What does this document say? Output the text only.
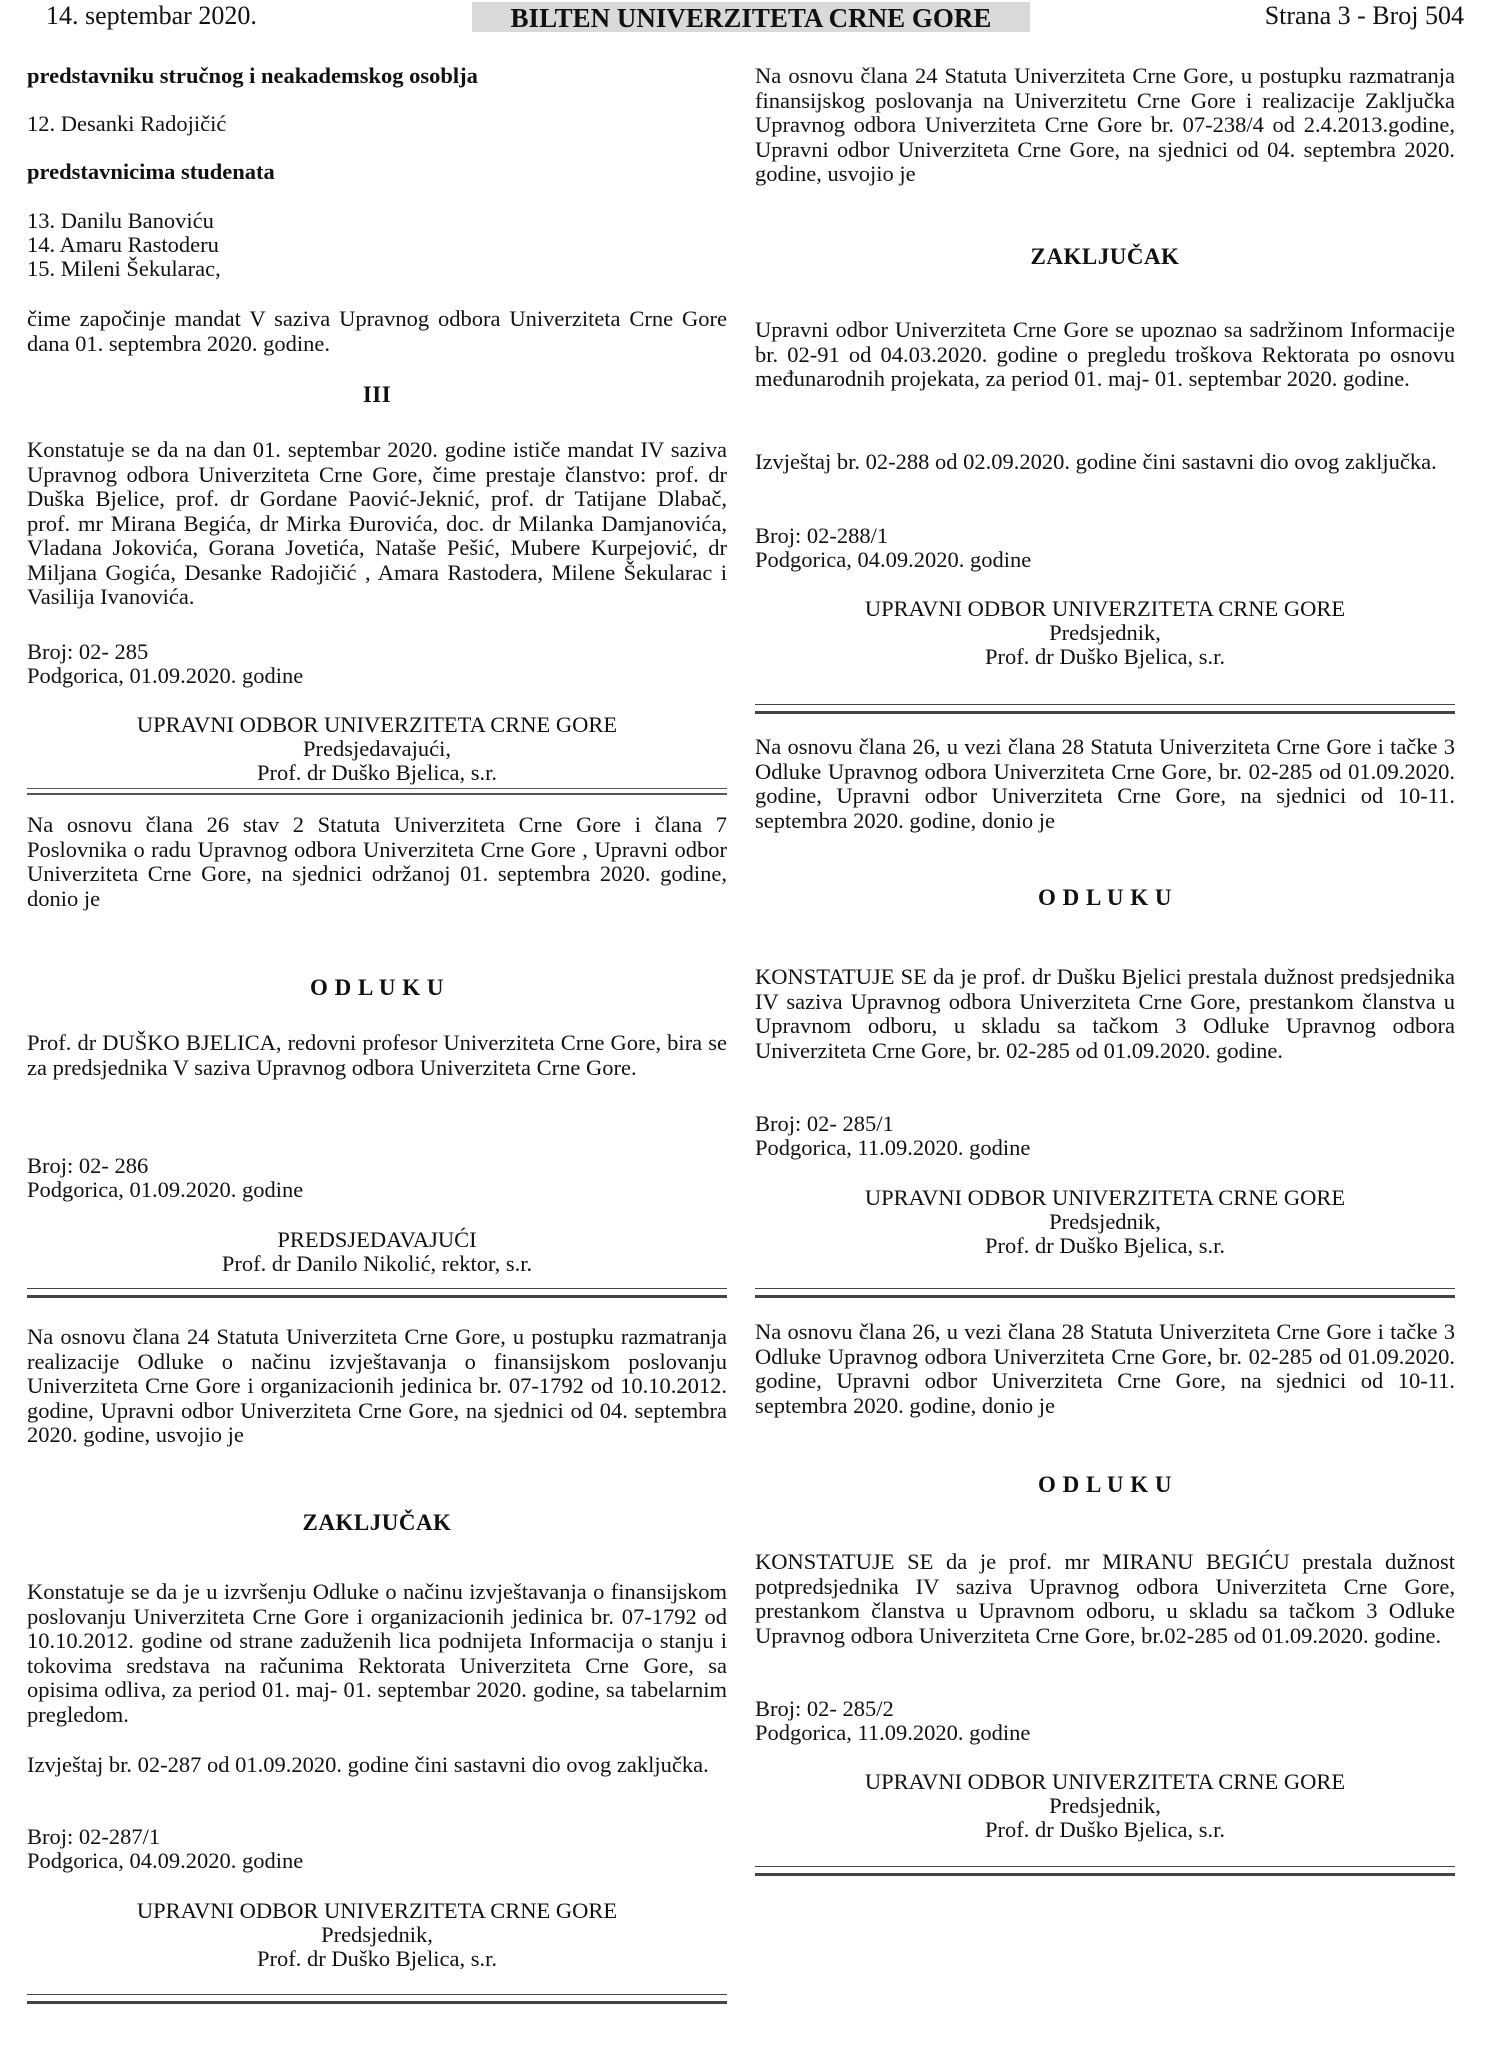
14. septembar 2020.	BILTEN UNIVERZITETA CRNE GORE	Strana 3 - Broj 504

predstavniku stručnog i neakademskog osoblja

12. Desanki Radojičić

predstavnicima studenata

13. Danilu Banoviću

14. Amaru Rastoderu

15. Mileni Šekularac,

čime započinje mandat V saziva Upravnog odbora Univerziteta Crne Gore dana 01. septembra 2020. godine.

III

Konstatuje se da na dan 01. septembar 2020. godine ističe mandat IV saziva Upravnog odbora Univerziteta Crne Gore, čime prestaje članstvo: prof. dr Duška Bjelice, prof. dr Gordane Paović-Jeknić, prof. dr Tatijane Dlabač, prof. mr Mirana Begića, dr Mirka Đurovića, doc. dr Milanka Damjanovića, Vladana Jokovića, Gorana Jovetića, Nataše Pešić, Mubere Kurpejović, dr Miljana Gogića, Desanke Radojičić , Amara Rastodera, Milene Šekularac i Vasilija Ivanovića.

Broj: 02- 285

Podgorica, 01.09.2020. godine

UPRAVNI ODBOR UNIVERZITETA CRNE GORE

Predsjedavajući,

Prof. dr Duško Bjelica, s.r.

Na osnovu člana 26 stav 2 Statuta Univerziteta Crne Gore i člana 7 Poslovnika o radu Upravnog odbora Univerziteta Crne Gore , Upravni odbor Univerziteta Crne Gore, na sjednici održanoj 01. septembra 2020. godine, donio je

O D L U K U

Prof. dr DUŠKO BJELICA, redovni profesor Univerziteta Crne Gore, bira se za predsjednika V saziva Upravnog odbora Univerziteta Crne Gore.

Broj: 02- 286

Podgorica, 01.09.2020. godine

PREDSJEDAVAJUĆI

Prof. dr Danilo Nikolić, rektor, s.r.

Na osnovu člana 24 Statuta Univerziteta Crne Gore, u postupku razmatranja realizacije Odluke o načinu izvještavanja o finansijskom poslovanju Univerziteta Crne Gore i organizacionih jedinica br. 07-1792 od 10.10.2012. godine, Upravni odbor Univerziteta Crne Gore, na sjednici od 04. septembra 2020. godine, usvojio je

ZAKLJUČAK

Konstatuje se da je u izvršenju Odluke o načinu izvještavanja o finansijskom poslovanju Univerziteta Crne Gore i organizacionih jedinica br. 07-1792 od 10.10.2012. godine od strane zaduženih lica podnijeta Informacija o stanju i tokovima sredstava na računima Rektorata Univerziteta Crne Gore, sa opisima odliva, za period 01. maj- 01. septembar 2020. godine, sa tabelarnim pregledom.

Izvještaj br. 02-287 od 01.09.2020. godine čini sastavni dio ovog zaključka.

Broj: 02-287/1

Podgorica, 04.09.2020. godine

UPRAVNI ODBOR UNIVERZITETA CRNE GORE

Predsjednik,

Prof. dr Duško Bjelica, s.r.

Na osnovu člana 24 Statuta Univerziteta Crne Gore, u postupku razmatranja finansijskog poslovanja na Univerzitetu Crne Gore i realizacije Zaključka Upravnog odbora Univerziteta Crne Gore br. 07-238/4 od 2.4.2013.godine, Upravni odbor Univerziteta Crne Gore, na sjednici od 04. septembra 2020. godine, usvojio je

ZAKLJUČAK

Upravni odbor Univerziteta Crne Gore se upoznao sa sadržinom Informacije br. 02-91 od 04.03.2020. godine o pregledu troškova Rektorata po osnovu međunarodnih projekata, za period 01. maj- 01. septembar 2020. godine.

Izvještaj br. 02-288 od 02.09.2020. godine čini sastavni dio ovog zaključka.

Broj: 02-288/1

Podgorica, 04.09.2020. godine

UPRAVNI ODBOR UNIVERZITETA CRNE GORE

Predsjednik,

Prof. dr Duško Bjelica, s.r.

Na osnovu člana 26, u vezi člana 28 Statuta Univerziteta Crne Gore i tačke 3 Odluke Upravnog odbora Univerziteta Crne Gore, br. 02-285 od 01.09.2020. godine, Upravni odbor Univerziteta Crne Gore, na sjednici od 10-11. septembra 2020. godine, donio je

O D L U K U

KONSTATUJE SE da je prof. dr Dušku Bjelici prestala dužnost predsjednika IV saziva Upravnog odbora Univerziteta Crne Gore, prestankom članstva u Upravnom odboru, u skladu sa tačkom 3 Odluke Upravnog odbora Univerziteta Crne Gore, br. 02-285 od 01.09.2020. godine.

Broj: 02- 285/1

Podgorica, 11.09.2020. godine

UPRAVNI ODBOR UNIVERZITETA CRNE GORE

Predsjednik,

Prof. dr Duško Bjelica, s.r.

Na osnovu člana 26, u vezi člana 28 Statuta Univerziteta Crne Gore i tačke 3 Odluke Upravnog odbora Univerziteta Crne Gore, br. 02-285 od 01.09.2020. godine, Upravni odbor Univerziteta Crne Gore, na sjednici od 10-11. septembra 2020. godine, donio je

O D L U K U

KONSTATUJE SE da je prof. mr MIRANU BEGIĆU prestala dužnost potpredsjednika IV saziva Upravnog odbora Univerziteta Crne Gore, prestankom članstva u Upravnom odboru, u skladu sa tačkom 3 Odluke Upravnog odbora Univerziteta Crne Gore, br.02-285 od 01.09.2020. godine.

Broj: 02- 285/2

Podgorica, 11.09.2020. godine

UPRAVNI ODBOR UNIVERZITETA CRNE GORE

Predsjednik,

Prof. dr Duško Bjelica, s.r.
